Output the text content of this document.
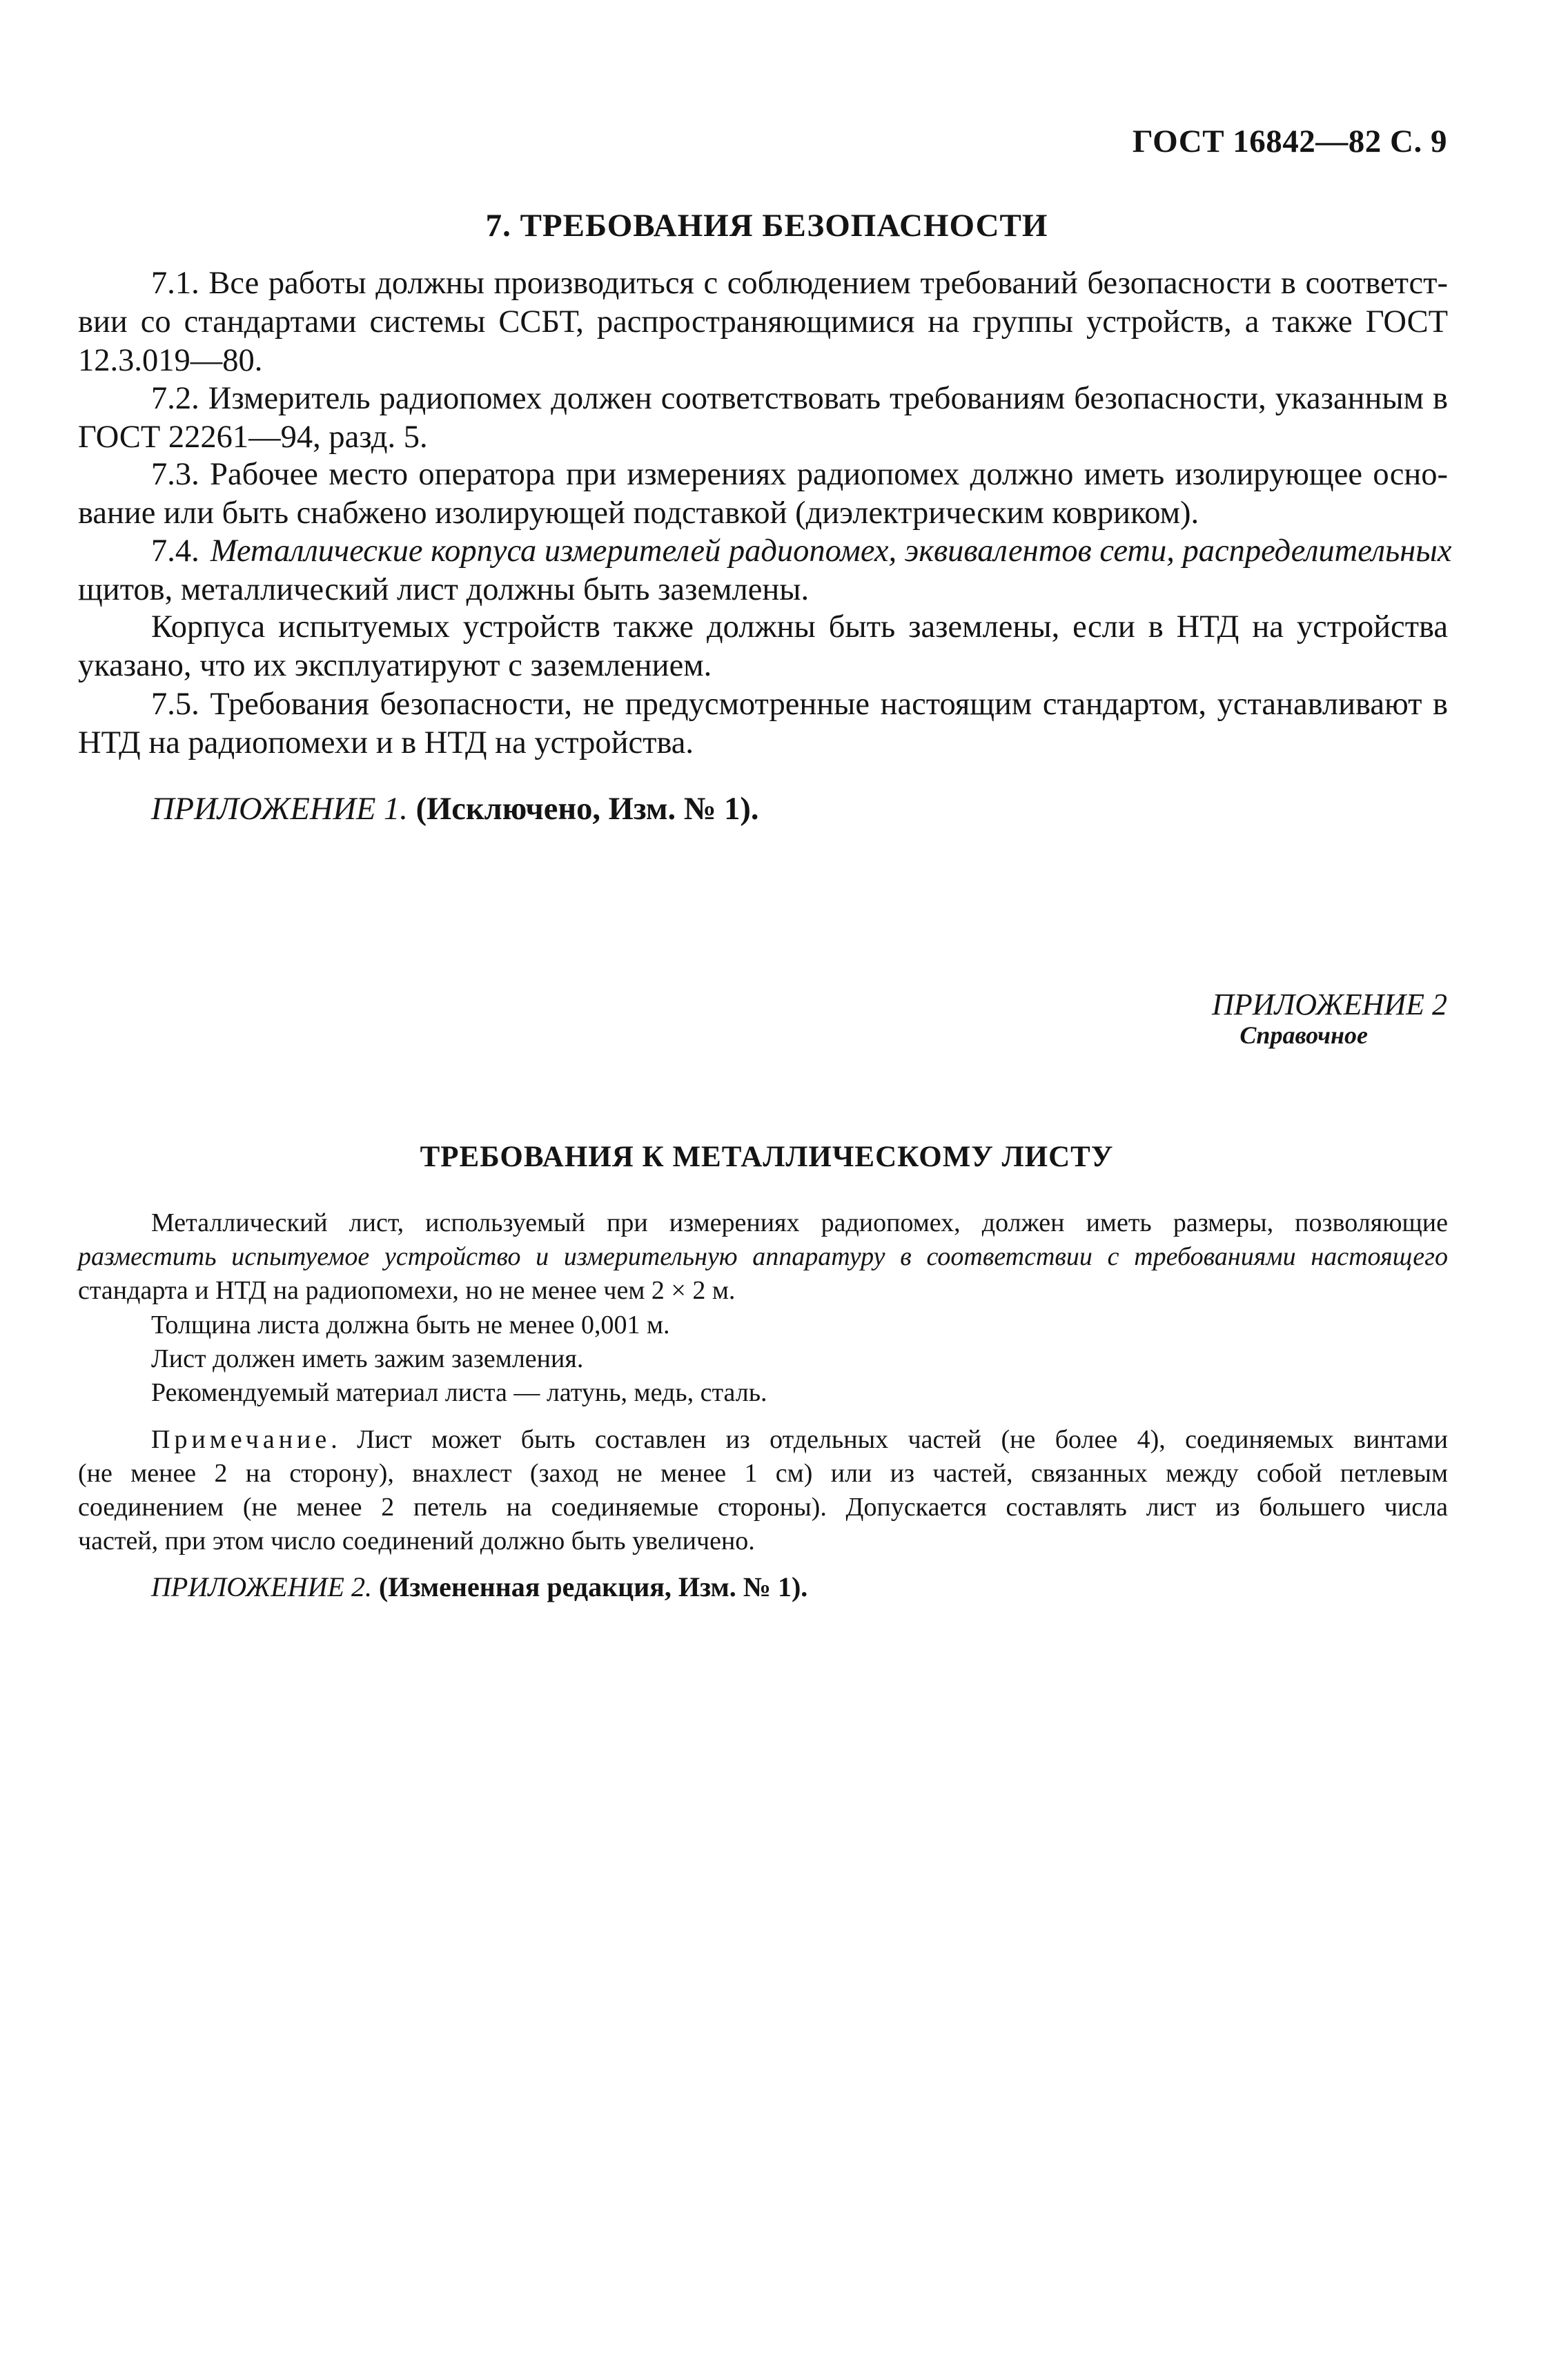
ГОСТ 16842—82 С. 9
7. ТРЕБОВАНИЯ БЕЗОПАСНОСТИ
7.1. Все работы должны производиться с соблюдением требований безопасности в соответст-
вии со стандартами системы ССБТ, распространяющимися на группы устройств, а также ГОСТ
12.3.019—80.
7.2. Измеритель радиопомех должен соответствовать требованиям безопасности, указанным в
ГОСТ 22261—94, разд. 5.
7.3. Рабочее место оператора при измерениях радиопомех должно иметь изолирующее осно-
вание или быть снабжено изолирующей подставкой (диэлектрическим ковриком).
7.4. Металлические корпуса измерителей радиопомех, эквивалентов сети, распределительных
щитов, металлический лист должны быть заземлены.
Корпуса испытуемых устройств также должны быть заземлены, если в НТД на устройства
указано, что их эксплуатируют с заземлением.
7.5. Требования безопасности, не предусмотренные настоящим стандартом, устанавливают в
НТД на радиопомехи и в НТД на устройства.
ПРИЛОЖЕНИЕ 1. (Исключено, Изм. № 1).
ПРИЛОЖЕНИЕ 2
Справочное
ТРЕБОВАНИЯ К МЕТАЛЛИЧЕСКОМУ ЛИСТУ
Металлический лист, используемый при измерениях радиопомех, должен иметь размеры, позволяющие
разместить испытуемое устройство и измерительную аппаратуру в соответствии с требованиями настоящего
стандарта и НТД на радиопомехи, но не менее чем 2 × 2 м.
Толщина листа должна быть не менее 0,001 м.
Лист должен иметь зажим заземления.
Рекомендуемый материал листа — латунь, медь, сталь.
Примечание . Лист может быть составлен из отдельных частей (не более 4), соединяемых винтами
(не менее 2 на сторону), внахлест (заход не менее 1 см) или из частей, связанных между собой петлевым
соединением (не менее 2 петель на соединяемые стороны). Допускается составлять лист из большего числа
частей, при этом число соединений должно быть увеличено.
ПРИЛОЖЕНИЕ 2. (Измененная редакция, Изм. № 1).
